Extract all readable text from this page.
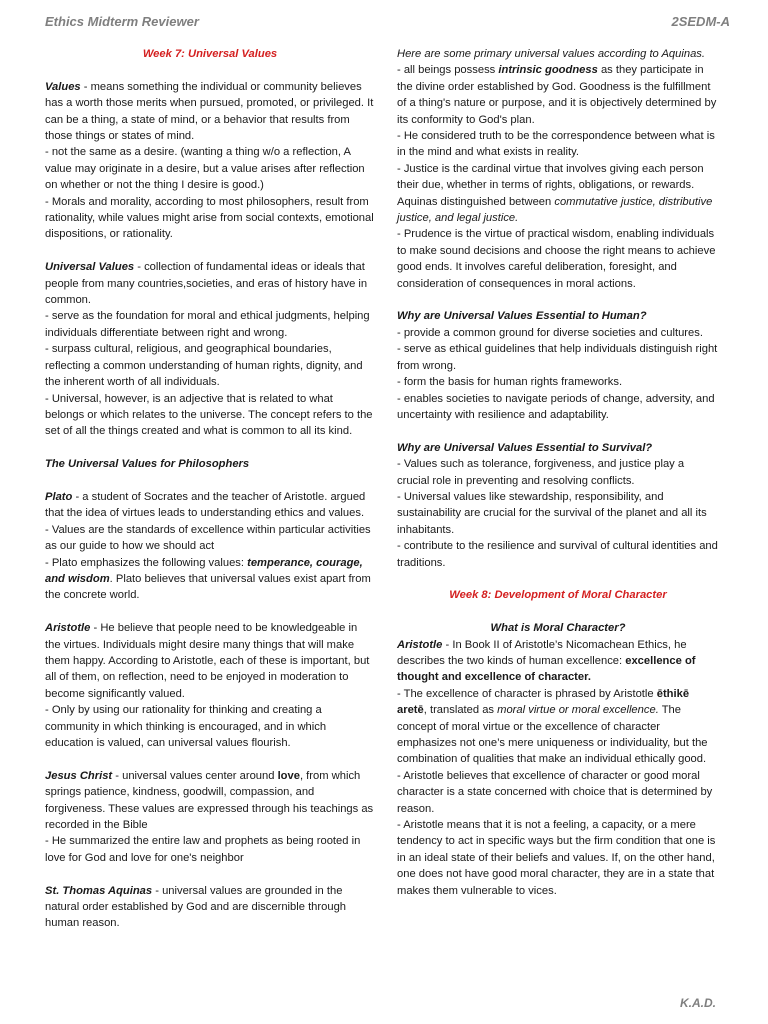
Ethics Midterm Reviewer	2SEDM-A

Week 7: Universal Values

Values - means something the individual or community believes has a worth those merits when pursued, promoted, or privileged. It can be a thing, a state of mind, or a behavior that results from those things or states of mind.

- not the same as a desire. (wanting a thing w/o a reflection, A value may originate in a desire, but a value arises after reflection on whether or not the thing I desire is good.)

- Morals and morality, according to most philosophers, result from rationality, while values might arise from social contexts, emotional dispositions, or rationality.

Universal Values - collection of fundamental ideas or ideals that people from many countries,societies, and eras of history have in common.

- serve as the foundation for moral and ethical judgments, helping individuals differentiate between right and wrong.

- surpass cultural, religious, and geographical boundaries, reflecting a common understanding of human rights, dignity, and the inherent worth of all individuals.

- Universal, however, is an adjective that is related to what belongs or which relates to the universe. The concept refers to the set of all the things created and what is common to all its kind.

The Universal Values for Philosophers

Plato - a student of Socrates and the teacher of Aristotle. argued that the idea of virtues leads to understanding ethics and values.

- Values are the standards of excellence within particular activities as our guide to how we should act

- Plato emphasizes the following values: temperance, courage, and wisdom. Plato believes that universal values exist apart from the concrete world.

Aristotle - He believe that people need to be knowledgeable in the virtues. Individuals might desire many things that will make them happy. According to Aristotle, each of these is important, but all of them, on reflection, need to be enjoyed in moderation to become significantly valued.

- Only by using our rationality for thinking and creating a community in which thinking is encouraged, and in which education is valued, can universal values flourish.

Jesus Christ - universal values center around love, from which springs patience, kindness, goodwill, compassion, and forgiveness. These values are expressed through his teachings as recorded in the Bible

- He summarized the entire law and prophets as being rooted in love for God and love for one's neighbor

St. Thomas Aquinas - universal values are grounded in the natural order established by God and are discernible through human reason.

Here are some primary universal values according to Aquinas.

- all beings possess intrinsic goodness as they participate in the divine order established by God. Goodness is the fulfillment of a thing's nature or purpose, and it is objectively determined by its conformity to God's plan.

- He considered truth to be the correspondence between what is in the mind and what exists in reality.

- Justice is the cardinal virtue that involves giving each person their due, whether in terms of rights, obligations, or rewards. Aquinas distinguished between commutative justice, distributive justice, and legal justice.

- Prudence is the virtue of practical wisdom, enabling individuals to make sound decisions and choose the right means to achieve good ends. It involves careful deliberation, foresight, and consideration of consequences in moral actions.

Why are Universal Values Essential to Human?

- provide a common ground for diverse societies and cultures.

- serve as ethical guidelines that help individuals distinguish right from wrong.

- form the basis for human rights frameworks.

- enables societies to navigate periods of change, adversity, and uncertainty with resilience and adaptability.

Why are Universal Values Essential to Survival?

- Values such as tolerance, forgiveness, and justice play a crucial role in preventing and resolving conflicts.

- Universal values like stewardship, responsibility, and sustainability are crucial for the survival of the planet and all its inhabitants.

- contribute to the resilience and survival of cultural identities and traditions.

Week 8: Development of Moral Character

What is Moral Character?

Aristotle - In Book II of Aristotle’s Nicomachean Ethics, he describes the two kinds of human excellence: excellence of thought and excellence of character.

- The excellence of character is phrased by Aristotle ēthikē aretē, translated as moral virtue or moral excellence. The concept of moral virtue or the excellence of character emphasizes not one’s mere uniqueness or individuality, but the combination of qualities that make an individual ethically good.

- Aristotle believes that excellence of character or good moral character is a state concerned with choice that is determined by reason.

- Aristotle means that it is not a feeling, a capacity, or a mere tendency to act in specific ways but the firm condition that one is in an ideal state of their beliefs and values. If, on the other hand, one does not have good moral character, they are in a state that makes them vulnerable to vices.

K.A.D.
